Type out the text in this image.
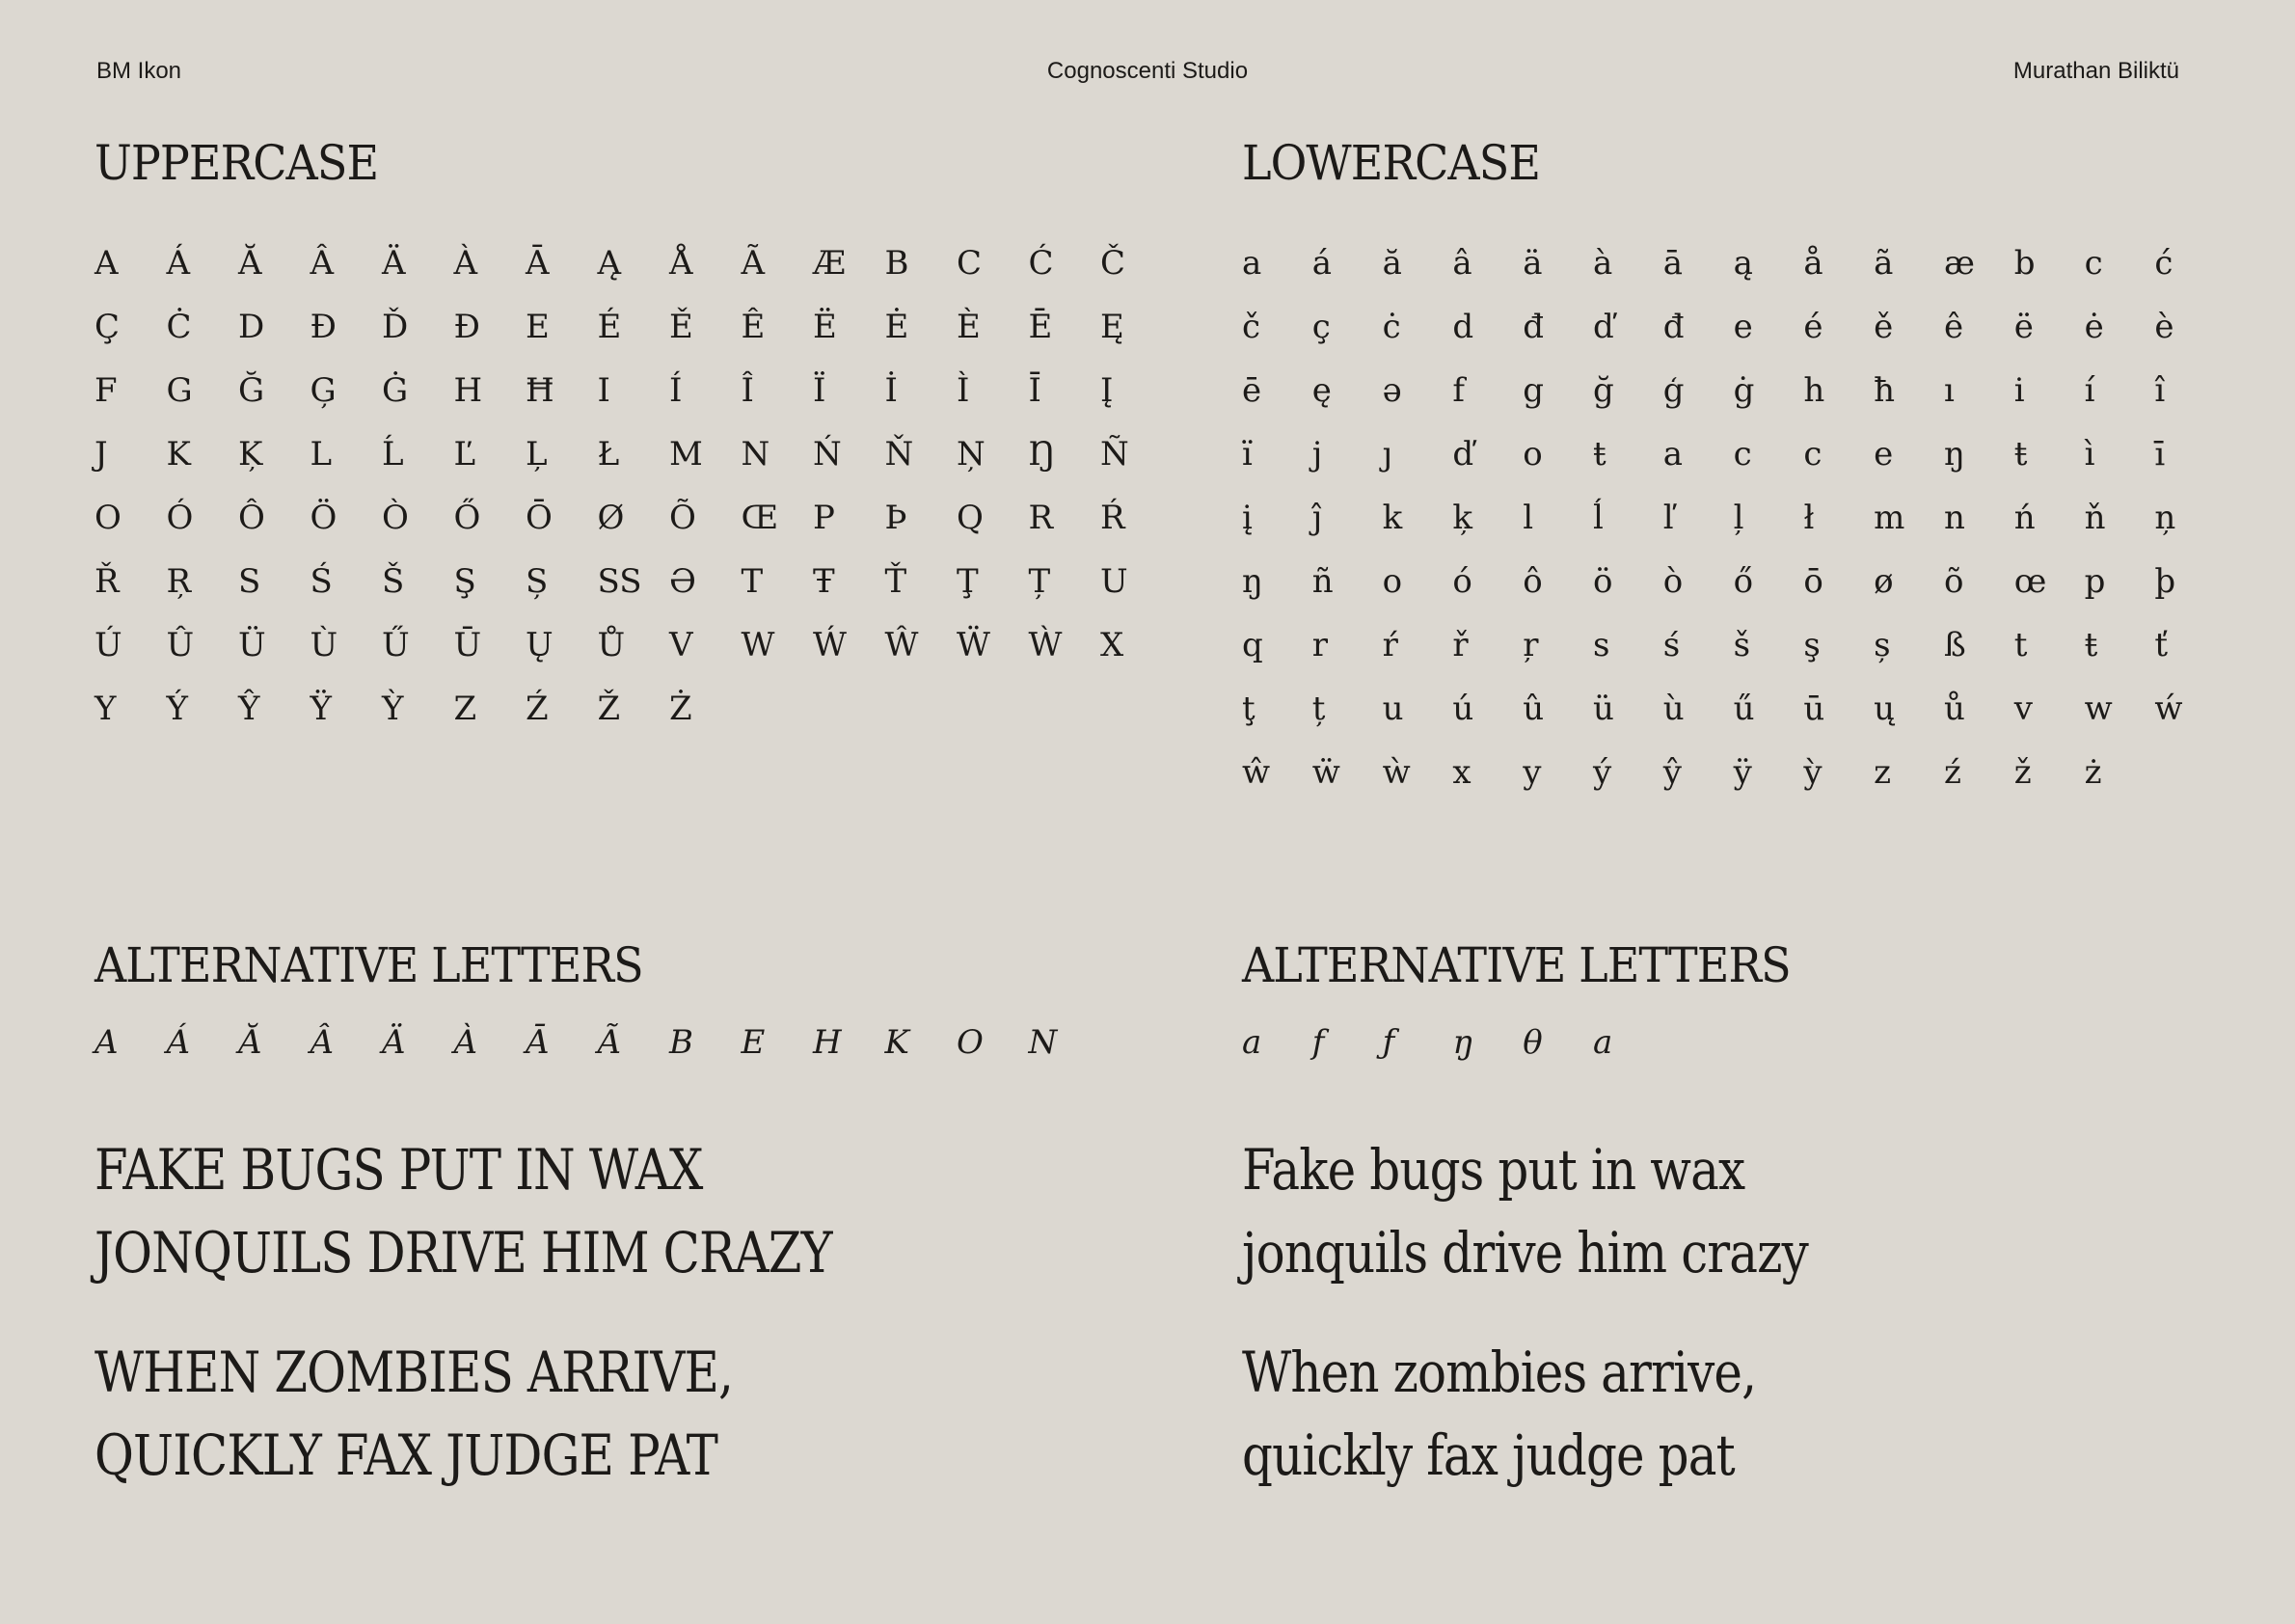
BM Ikon	Cognoscenti Studio	Murathan Biliktü
UPPERCASE
A	Á	Ă	Â	Ä	À	Ā	Ą	Å	Ã	Æ	B	C	Ć	Č
Ç	Ċ	D	Đ	Ď	Đ	E	É	Ě	Ê	Ë	Ė	È	Ē	Ę
F	G	Ğ	Ģ	Ġ	H	Ħ	I	Í	Î	Ï	İ	Ì	Ī	Į
J	K	Ķ	L	Ĺ	Ľ	Ļ	Ł	M	N	Ń	Ň	Ņ	Ŋ	Ñ
O	Ó	Ô	Ö	Ò	Ő	Ō	Ø	Õ	Œ	P	Þ	Q	R	Ŕ
Ř	Ŗ	S	Ś	Š	Ş	Ș	SS Ə	T	Ŧ	Ť	Ţ	Ț	U
Ú	Û	Ü	Ù	Ű	Ū	Ų	Ů	V	W	Ẃ	Ŵ	Ẅ	Ẁ	X
Y	Ý	Ŷ	Ÿ	Ỳ	Z	Ź	Ž	Ż
ALTERNATIVE LETTERS
A	Á	Ă	Â	Ä	À	Ā	Ã	B	E	H	K	O	N
FAKE BUGS PUT IN WAX
JONQUILS DRIVE HIM CRAZY
WHEN ZOMBIES ARRIVE,
QUICKLY FAX JUDGE PAT
LOWERCASE
a	á	ă	â	ä	à	ā	ą	å	ã	æ	b	c	ć
č	ç	ċ	d	đ	ď	đ	e	é	ě	ê	ë	ė	è
ē	ę	ə	f	g	ğ	ģ	ġ	h	ħ	ı	i	í	î
ï	j	ȷ	ď	o	ŧ	a	c	c	e	ŋ	ŧ	ì	ī
į	ĵ	k	ķ	l	ĺ	ľ	ļ	ł	m	n	ń	ň	ņ
ŋ	ñ	o	ó	ô	ö	ò	ő	ō	ø	õ	œ	p	þ
q	r	ŕ	ř	ŗ	s	ś	š	ş	ș	ß	t	ŧ	ť
ţ	ț	u	ú	û	ü	ù	ű	ū	ų	ů	v	w	ẃ
ŵ	ẅ	ẁ	x	y	ý	ŷ	ÿ	ỳ	z	ź	ž	ż
ALTERNATIVE LETTERS
a	f	ƒ	ŋ	θ	a
Fake bugs put in wax
jonquils drive him crazy
When zombies arrive,
quickly fax judge pat
